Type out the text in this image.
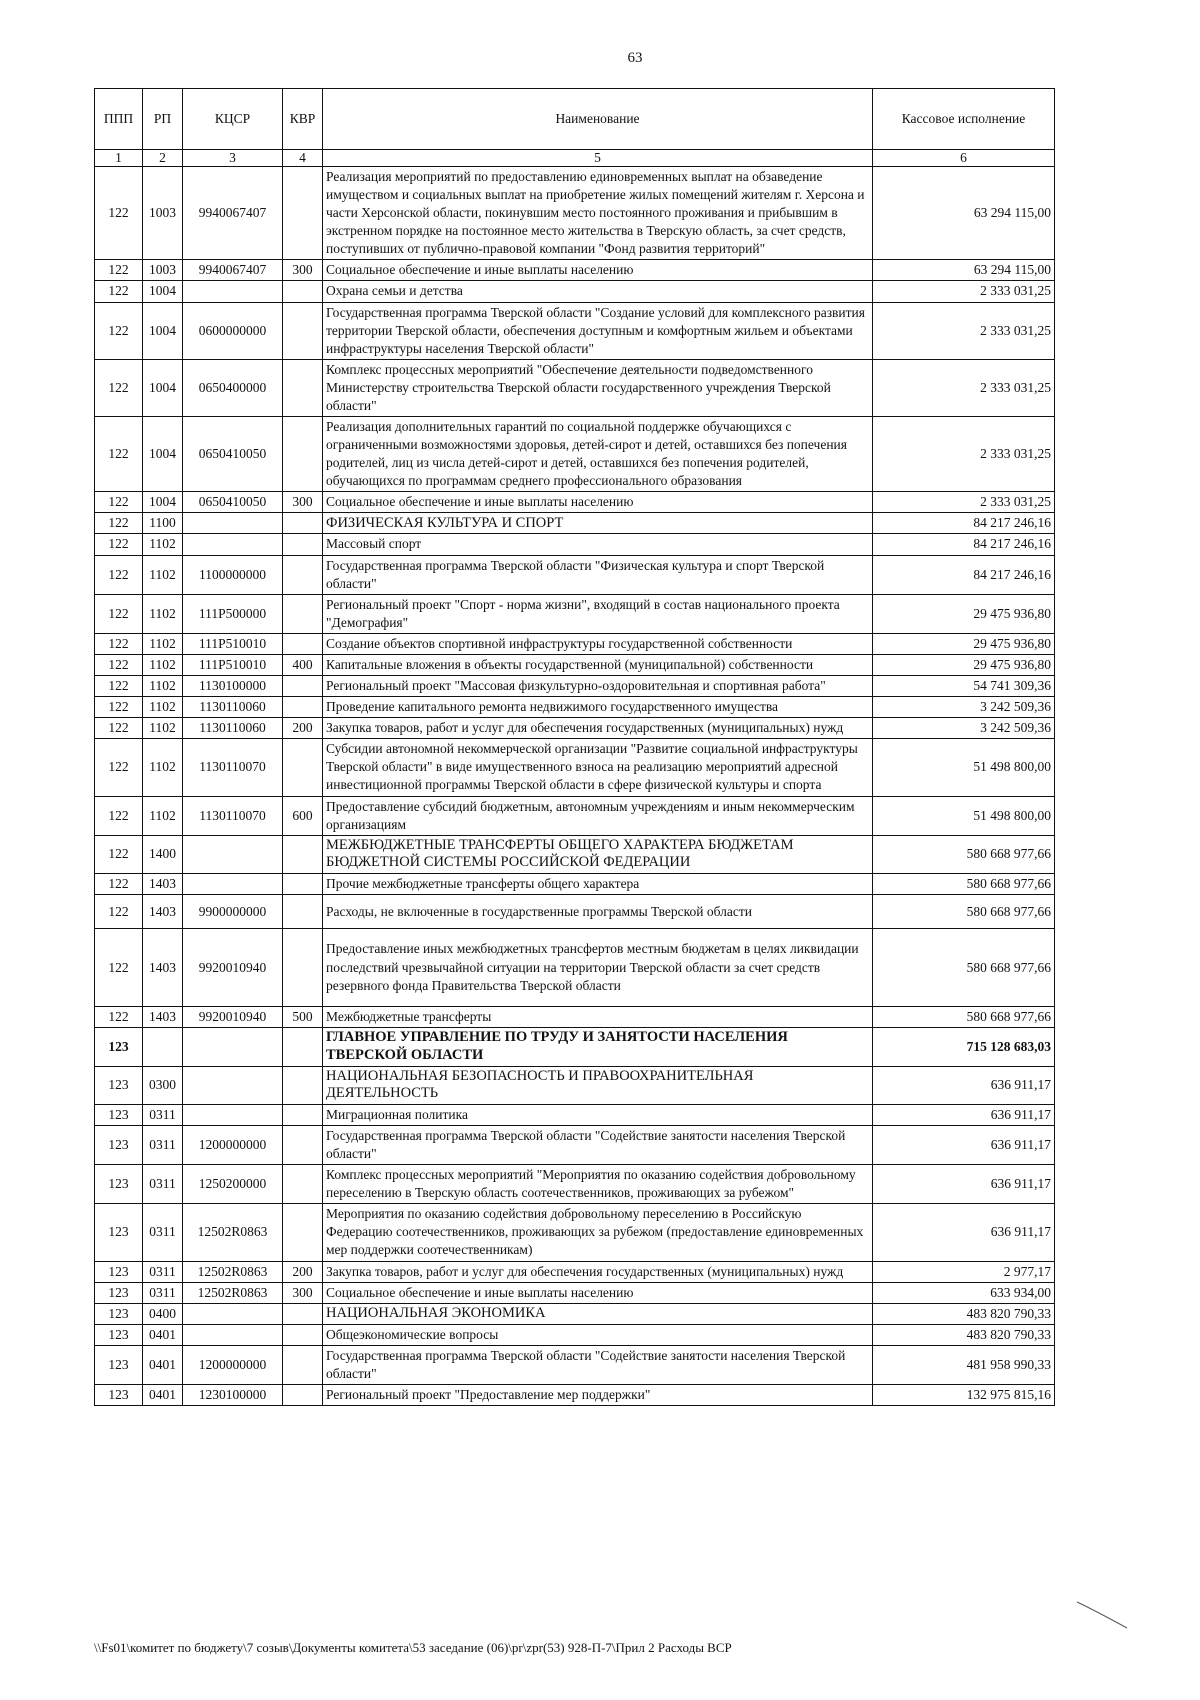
63
ППП	РП	КЦСР	КВР	Наименование	Кассовое исполнение
1	2	3	4	5	6
122	1003	9940067407		Реализация мероприятий по предоставлению единовременных выплат на обзаведение имуществом и социальных выплат на приобретение жилых помещений жителям г. Херсона и части Херсонской области, покинувшим место постоянного проживания и прибывшим в экстренном порядке на постоянное место жительства в Тверскую область, за счет средств, поступивших от публично-правовой компании "Фонд развития территорий"	63 294 115,00
122	1003	9940067407	300	Социальное обеспечение и иные выплаты населению	63 294 115,00
122	1004			Охрана семьи и детства	2 333 031,25
122	1004	0600000000		Государственная программа Тверской области "Создание условий для комплексного развития территории Тверской области, обеспечения доступным и комфортным жильем и объектами инфраструктуры населения Тверской области"	2 333 031,25
122	1004	0650400000		Комплекс процессных мероприятий "Обеспечение деятельности подведомственного Министерству строительства Тверской области государственного учреждения Тверской области"	2 333 031,25
122	1004	0650410050		Реализация дополнительных гарантий по социальной поддержке обучающихся с ограниченными возможностями здоровья, детей-сирот и детей, оставшихся без попечения родителей, лиц из числа детей-сирот и детей, оставшихся без попечения родителей, обучающихся по программам среднего профессионального образования	2 333 031,25
122	1004	0650410050	300	Социальное обеспечение и иные выплаты населению	2 333 031,25
122	1100			ФИЗИЧЕСКАЯ КУЛЬТУРА И СПОРТ	84 217 246,16
122	1102			Массовый спорт	84 217 246,16
122	1102	1100000000		Государственная программа Тверской области "Физическая культура и спорт Тверской области"	84 217 246,16
122	1102	111P500000		Региональный проект "Спорт - норма жизни", входящий в состав национального проекта "Демография"	29 475 936,80
122	1102	111P510010		Создание объектов спортивной инфраструктуры государственной собственности	29 475 936,80
122	1102	111P510010	400	Капитальные вложения в объекты государственной (муниципальной) собственности	29 475 936,80
122	1102	1130100000		Региональный проект "Массовая физкультурно-оздоровительная и спортивная работа"	54 741 309,36
122	1102	1130110060		Проведение капитального ремонта недвижимого государственного имущества	3 242 509,36
122	1102	1130110060	200	Закупка товаров, работ и услуг для обеспечения государственных (муниципальных) нужд	3 242 509,36
122	1102	1130110070		Субсидии автономной некоммерческой организации "Развитие социальной инфраструктуры Тверской области" в виде имущественного взноса на реализацию мероприятий адресной инвестиционной программы Тверской области в сфере физической культуры и спорта	51 498 800,00
122	1102	1130110070	600	Предоставление субсидий бюджетным, автономным учреждениям и иным некоммерческим организациям	51 498 800,00
122	1400			МЕЖБЮДЖЕТНЫЕ ТРАНСФЕРТЫ ОБЩЕГО ХАРАКТЕРА БЮДЖЕТАМ БЮДЖЕТНОЙ СИСТЕМЫ РОССИЙСКОЙ ФЕДЕРАЦИИ	580 668 977,66
122	1403			Прочие межбюджетные трансферты общего характера	580 668 977,66
122	1403	9900000000		Расходы, не включенные в государственные программы Тверской области	580 668 977,66
122	1403	9920010940		Предоставление иных межбюджетных трансфертов местным бюджетам в целях ликвидации последствий чрезвычайной ситуации на территории Тверской области за счет средств резервного фонда Правительства Тверской области	580 668 977,66
122	1403	9920010940	500	Межбюджетные трансферты	580 668 977,66
123				ГЛАВНОЕ УПРАВЛЕНИЕ ПО ТРУДУ И ЗАНЯТОСТИ НАСЕЛЕНИЯ ТВЕРСКОЙ ОБЛАСТИ	715 128 683,03
123	0300			НАЦИОНАЛЬНАЯ БЕЗОПАСНОСТЬ И ПРАВООХРАНИТЕЛЬНАЯ ДЕЯТЕЛЬНОСТЬ	636 911,17
123	0311			Миграционная политика	636 911,17
123	0311	1200000000		Государственная программа Тверской области "Содействие занятости населения Тверской области"	636 911,17
123	0311	1250200000		Комплекс процессных мероприятий "Мероприятия по оказанию содействия добровольному переселению в Тверскую область соотечественников, проживающих за рубежом"	636 911,17
123	0311	12502R0863		Мероприятия по оказанию содействия добровольному переселению в Российскую Федерацию соотечественников, проживающих за рубежом (предоставление единовременных мер поддержки соотечественникам)	636 911,17
123	0311	12502R0863	200	Закупка товаров, работ и услуг для обеспечения государственных (муниципальных) нужд	2 977,17
123	0311	12502R0863	300	Социальное обеспечение и иные выплаты населению	633 934,00
123	0400			НАЦИОНАЛЬНАЯ ЭКОНОМИКА	483 820 790,33
123	0401			Общеэкономические вопросы	483 820 790,33
123	0401	1200000000		Государственная программа Тверской области "Содействие занятости населения Тверской области"	481 958 990,33
123	0401	1230100000		Региональный проект "Предоставление мер поддержки"	132 975 815,16
\\Fs01\комитет по бюджету\7 созыв\Документы комитета\53 заседание (06)\pr\zpr(53) 928-П-7\Прил 2 Расходы ВСР
